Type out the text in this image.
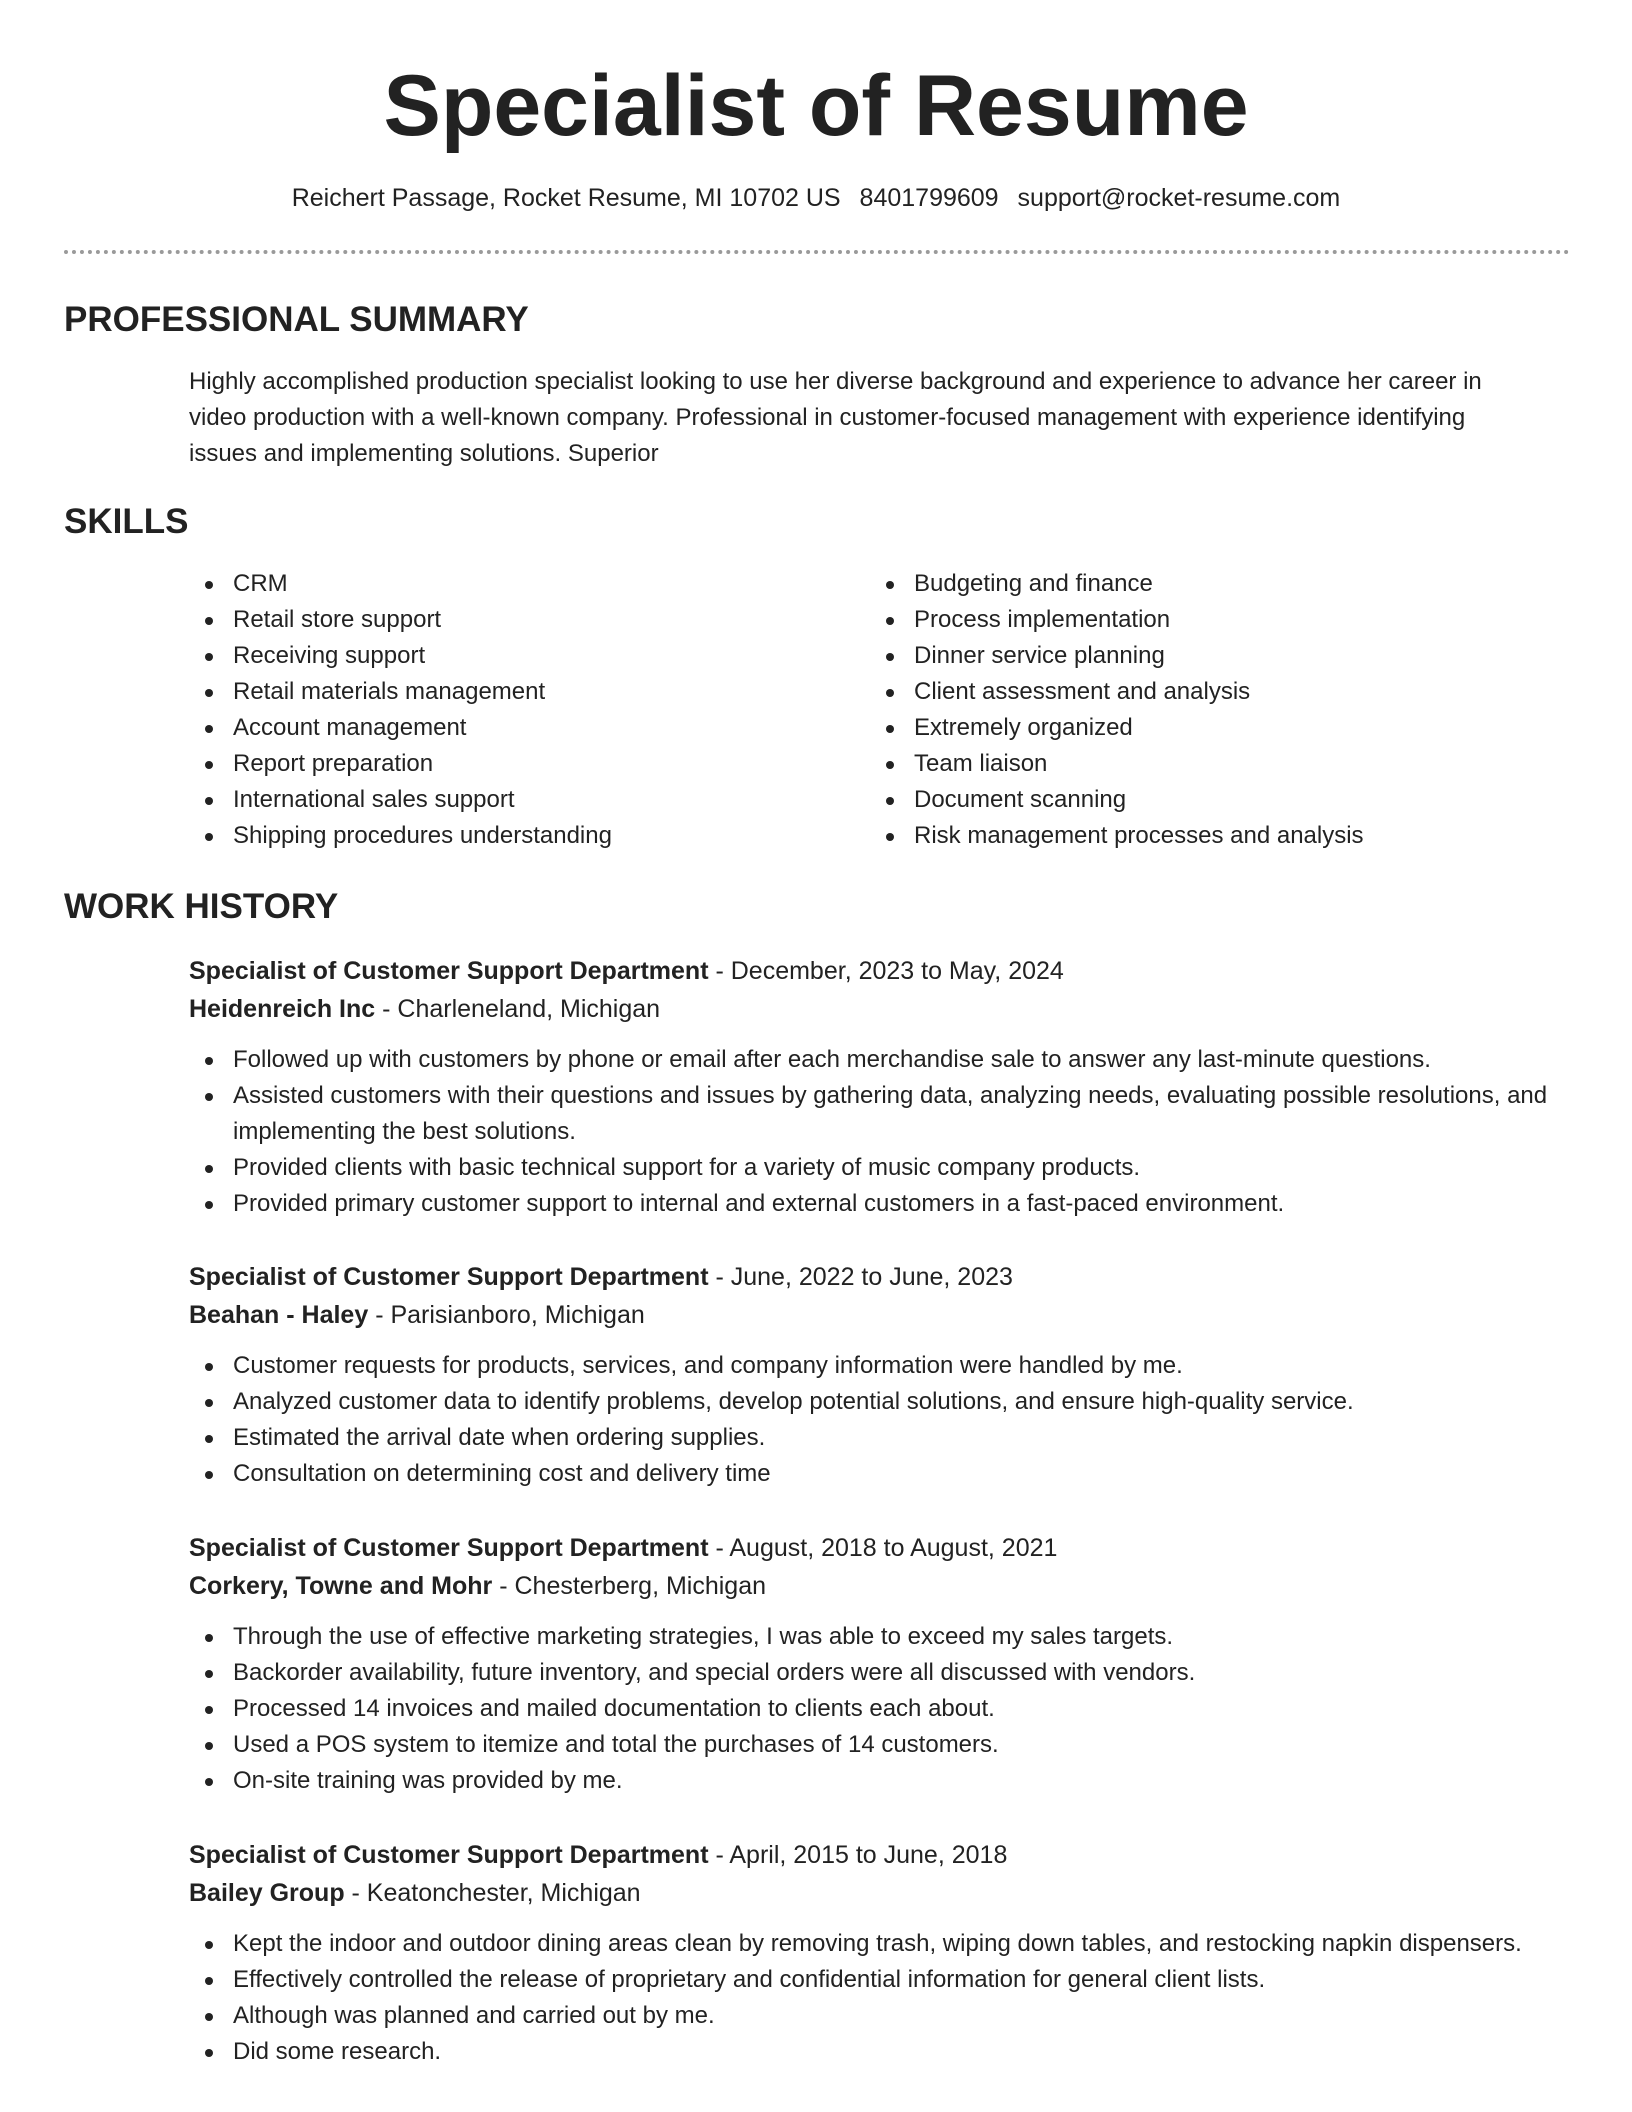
Specialist of Resume
Reichert Passage, Rocket Resume, MI 10702 US 8401799609 support@rocket-resume.com
PROFESSIONAL SUMMARY

Highly accomplished production specialist looking to use her diverse background and experience to advance her career in video production with a well-known company. Professional in customer-focused management with experience identifying issues and implementing solutions. Superior

SKILLS
CRM
Retail store support
Receiving support
Retail materials management
Account management
Report preparation
International sales support
Shipping procedures understanding
Budgeting and finance
Process implementation
Dinner service planning
Client assessment and analysis
Extremely organized
Team liaison
Document scanning
Risk management processes and analysis
WORK HISTORY
Specialist of Customer Support Department - December, 2023 to May, 2024
Heidenreich Inc - Charleneland, Michigan
Followed up with customers by phone or email after each merchandise sale to answer any last-minute questions.
Assisted customers with their questions and issues by gathering data, analyzing needs, evaluating possible resolutions, and implementing the best solutions.
Provided clients with basic technical support for a variety of music company products.
Provided primary customer support to internal and external customers in a fast-paced environment.
Specialist of Customer Support Department - June, 2022 to June, 2023
Beahan - Haley - Parisianboro, Michigan
Customer requests for products, services, and company information were handled by me.
Analyzed customer data to identify problems, develop potential solutions, and ensure high-quality service.
Estimated the arrival date when ordering supplies.
Consultation on determining cost and delivery time
Specialist of Customer Support Department - August, 2018 to August, 2021
Corkery, Towne and Mohr - Chesterberg, Michigan
Through the use of effective marketing strategies, I was able to exceed my sales targets.
Backorder availability, future inventory, and special orders were all discussed with vendors.
Processed 14 invoices and mailed documentation to clients each about.
Used a POS system to itemize and total the purchases of 14 customers.
On-site training was provided by me.
Specialist of Customer Support Department - April, 2015 to June, 2018
Bailey Group - Keatonchester, Michigan
Kept the indoor and outdoor dining areas clean by removing trash, wiping down tables, and restocking napkin dispensers.
Effectively controlled the release of proprietary and confidential information for general client lists.
Although was planned and carried out by me.
Did some research.
